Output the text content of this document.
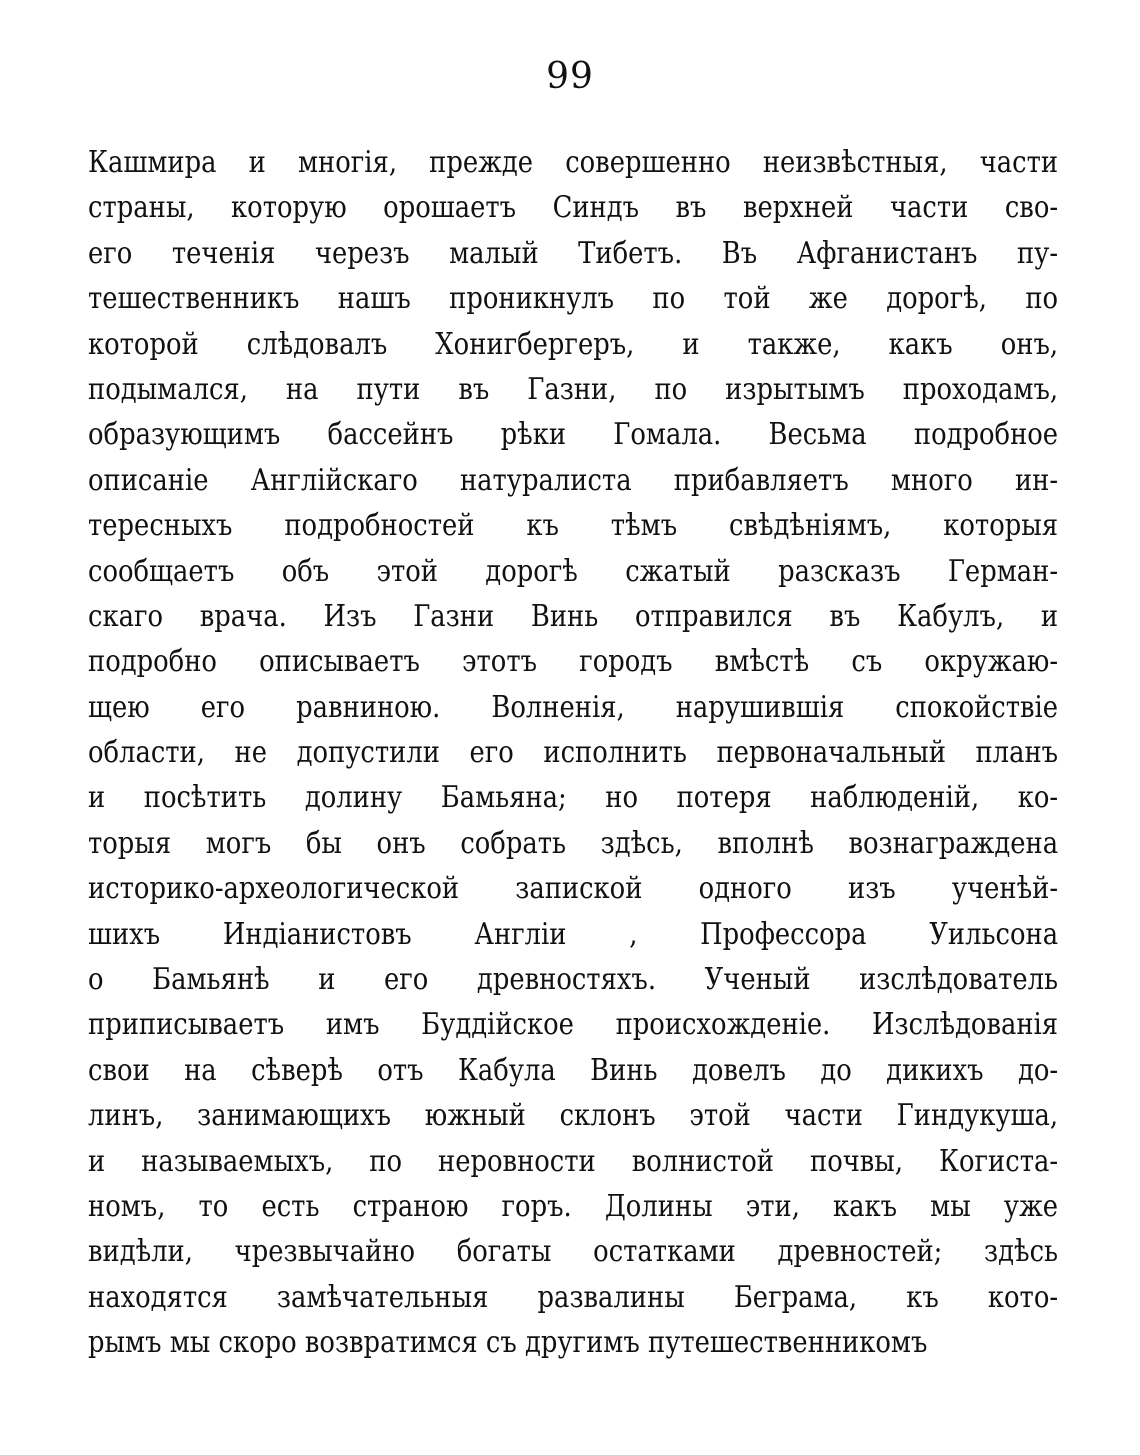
99
Кашмира и многія, прежде совершенно неизвѣстныя, части
страны, которую орошаетъ Синдъ въ верхней части сво-
его теченія черезъ малый Тибетъ. Въ Афганистанъ пу-
тешественникъ нашъ проникнулъ по той же дорогѣ, по
которой слѣдовалъ Хонигбергеръ, и также, какъ онъ,
подымался, на пути въ Газни, по изрытымъ проходамъ,
образующимъ бассейнъ рѣки Гомала. Весьма подробное
описаніе Англійскаго натуралиста прибавляетъ много ин-
тересныхъ подробностей къ тѣмъ свѣдѣніямъ, которыя
сообщаетъ объ этой дорогѣ сжатый разсказъ Герман-
скаго врача. Изъ Газни Винь отправился въ Кабулъ, и
подробно описываетъ этотъ городъ вмѣстѣ съ окружаю-
щею его равниною. Волненія, нарушившія спокойствіе
области, не допустили его исполнить первоначальный планъ
и посѣтить долину Бамьяна; но потеря наблюденій, ко-
торыя могъ бы онъ собрать здѣсь, вполнѣ вознаграждена
историко-археологической запиской одного изъ ученѣй-
шихъ Индіанистовъ Англіи , Профессора Уильсона
о Бамьянѣ и его древностяхъ. Ученый изслѣдователь
приписываетъ имъ Буддійское происхожденіе. Изслѣдованія
свои на сѣверѣ отъ Кабула Винь довелъ до дикихъ до-
линъ, занимающихъ южный склонъ этой части Гиндукуша,
и называемыхъ, по неровности волнистой почвы, Когиста-
номъ, то есть страною горъ. Долины эти, какъ мы уже
видѣли, чрезвычайно богаты остатками древностей; здѣсь
находятся замѣчательныя развалины Беграма, къ кото-
рымъ мы скоро возвратимся съ другимъ путешественникомъ
